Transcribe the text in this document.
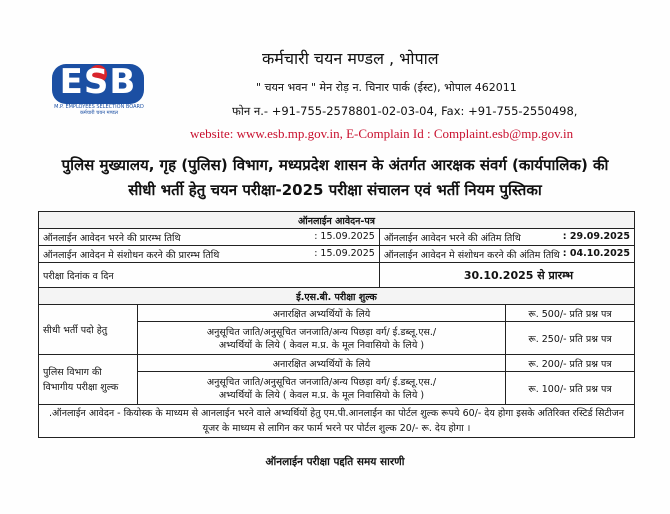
ESB
M.P. EMPLOYEES SELECTION BOARD
कर्मचारी चयन मण्डल
कर्मचारी चयन मण्डल , भोपाल
" चयन भवन " मेन रोड़ न. चिनार पार्क (ईस्ट), भोपाल 462011
फोन न.- +91-755-2578801-02-03-04, Fax: +91-755-2550498,
website: www.esb.mp.gov.in, E-Complain Id : Complaint.esb@mp.gov.in
पुलिस मुख्यालय, गृह (पुलिस) विभाग, मध्यप्रदेश शासन के अंतर्गत आरक्षक संवर्ग (कार्यपालिक) की
सीधी भर्ती हेतु चयन परीक्षा-2025 परीक्षा संचालन एवं भर्ती नियम पुस्तिका
ऑनलाईन आवेदन-पत्र			

ऑनलाईन आवेदन भरने की प्रारम्भ तिथि : 15.09.2025		ऑनलाईन आवेदन भरने की अंतिम तिथि : 29.09.2025	

ऑनलाईन आवेदन मे संशोधन करने की प्रारम्भ तिथि : 15.09.2025		ऑनलाईन आवेदन मे संशोधन करने की अंतिम तिथि : 04.10.2025	

परीक्षा दिनांक व दिन		30.10.2025 से प्रारम्भ	
ई.एस.बी. परीक्षा शुल्क			
सीधी भर्ती पदो हेतु	अनारक्षित अभ्यर्थियों के लिये		रू. 500/- प्रति प्रश्न पत्र

	अनुसूचित जाति/अनुसूचित जनजाति/अन्य पिछड़ा वर्ग/ ई.डब्लू.एस./
अभ्यर्थियों के लिये ( केवल म.प्र. के मूल निवासियो के लिये )		रू. 250/- प्रति प्रश्न पत्र
पुलिस विभाग की विभागीय परीक्षा शुल्क	अनारक्षित अभ्यर्थियों के लिये		रू. 200/- प्रति प्रश्न पत्र

	अनुसूचित जाति/अनुसूचित जनजाति/अन्य पिछड़ा वर्ग/ ई.डब्लू.एस./
अभ्यर्थियों के लिये ( केवल म.प्र. के मूल निवासियो के लिये )		रू. 100/- प्रति प्रश्न पत्र
.ऑनलाईन आवेदन - कियोस्क के माध्यम से आनलाईन भरने वाले अभ्यर्थियों हेतु एम.पी.आनलाईन का पोर्टल शुल्क रूपये 60/- देय होगा इसके अतिरिक्त रस्टिर्ड सिटीजन यूजर के माध्यम से लागिन कर फार्म भरने पर पोर्टल शुल्क 20/- रू. देय होगा ।			
ऑनलाईन परीक्षा पद्दति समय सारणी
